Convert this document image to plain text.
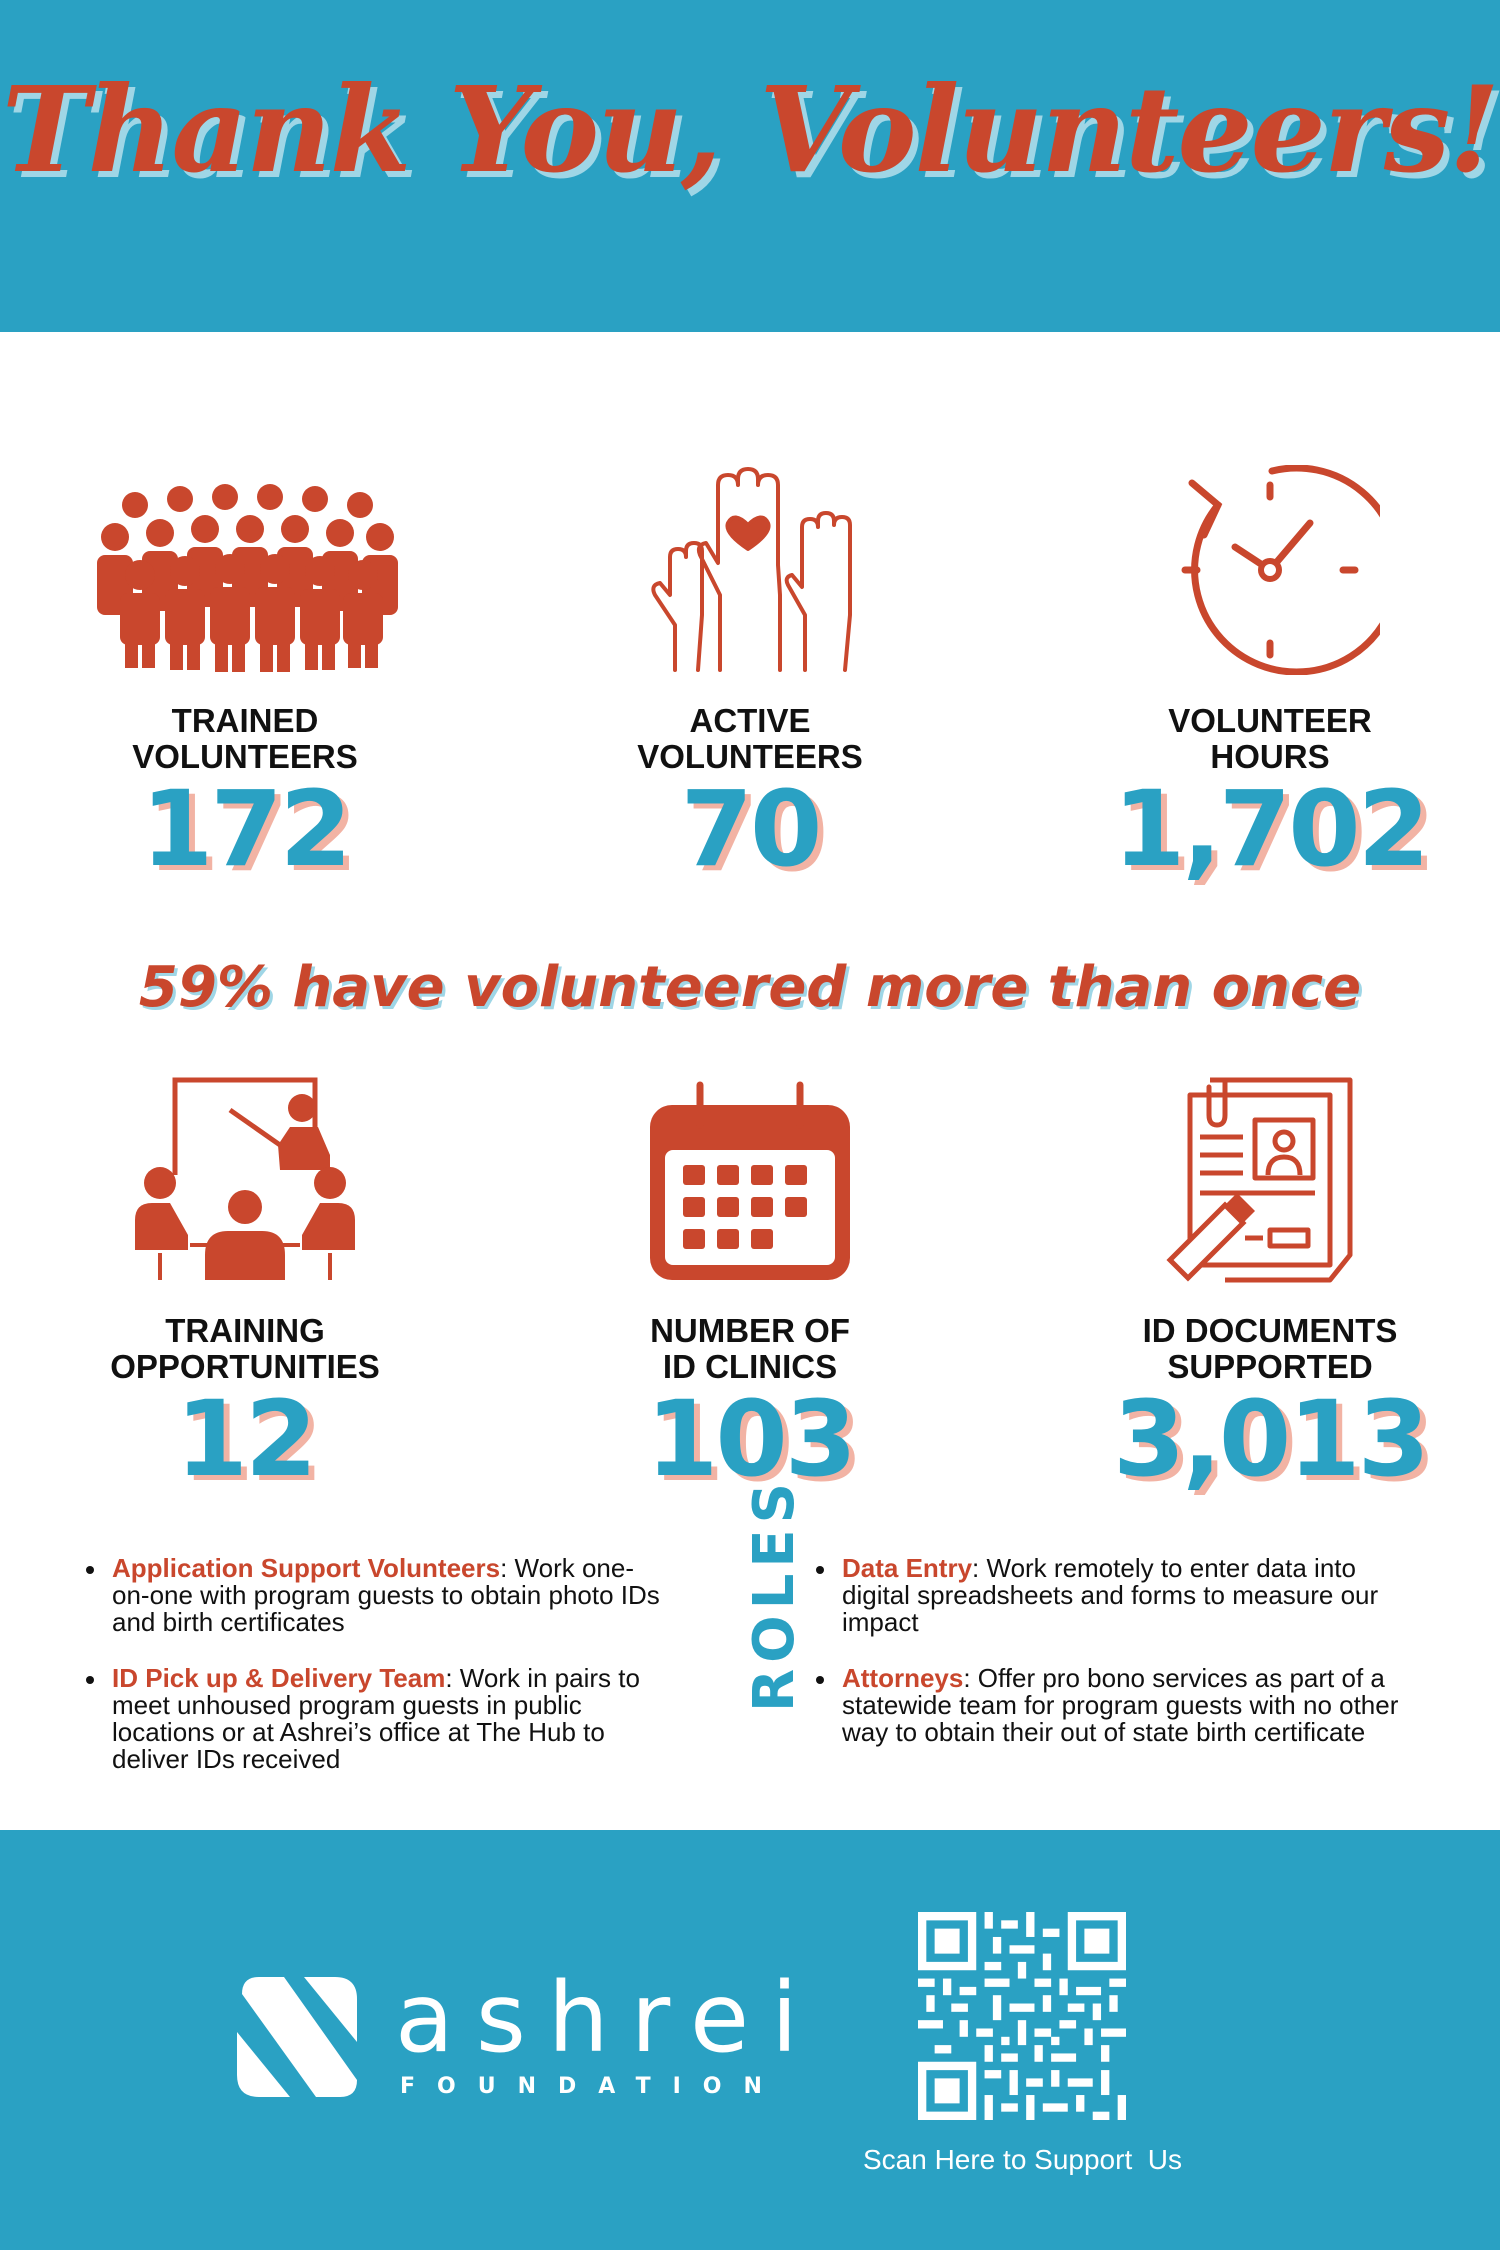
Thank You, Volunteers!
TRAINED
VOLUNTEERS
172
ACTIVE
VOLUNTEERS
70
VOLUNTEER
HOURS
1,702
59% have volunteered more than once
TRAINING
OPPORTUNITIES
12
NUMBER OF
ID CLINICS
103
ID DOCUMENTS
SUPPORTED
3,013
Application Support Volunteers: Work one-on-one with program guests to obtain photo IDs and birth certificates
ID Pick up & Delivery Team: Work in pairs to meet unhoused program guests in public locations or at Ashrei’s office at The Hub to deliver IDs received
ROLES	Data Entry: Work remotely to enter data into digital spreadsheets and forms to measure our impact
Attorneys: Offer pro bono services as part of a statewide team for program guests with no other way to obtain their out of state birth certificate
ashrei
FOUNDATION
Scan Here to Support  Us
